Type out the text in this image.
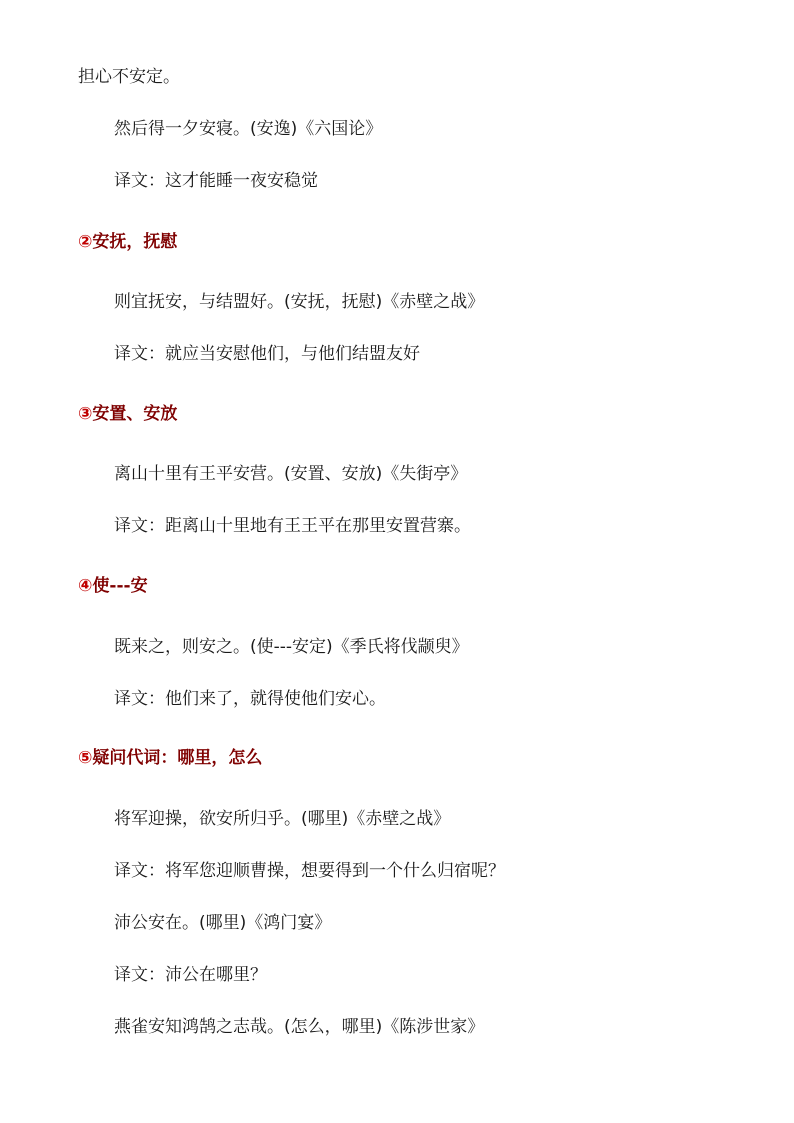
担心不安定。
然后得一夕安寝。(安逸)《六国论》
译文：这才能睡一夜安稳觉
②安抚，抚慰
则宜抚安，与结盟好。(安抚，抚慰)《赤壁之战》
译文：就应当安慰他们，与他们结盟友好
③安置、安放
离山十里有王平安营。(安置、安放)《失街亭》
译文：距离山十里地有王王平在那里安置营寨。
④使---安
既来之，则安之。(使---安定)《季氏将伐颛臾》
译文：他们来了，就得使他们安心。
⑤疑问代词：哪里，怎么
将军迎操，欲安所归乎。(哪里)《赤壁之战》
译文：将军您迎顺曹操，想要得到一个什么归宿呢？
沛公安在。(哪里)《鸿门宴》
译文：沛公在哪里？
燕雀安知鸿鹄之志哉。(怎么，哪里)《陈涉世家》
